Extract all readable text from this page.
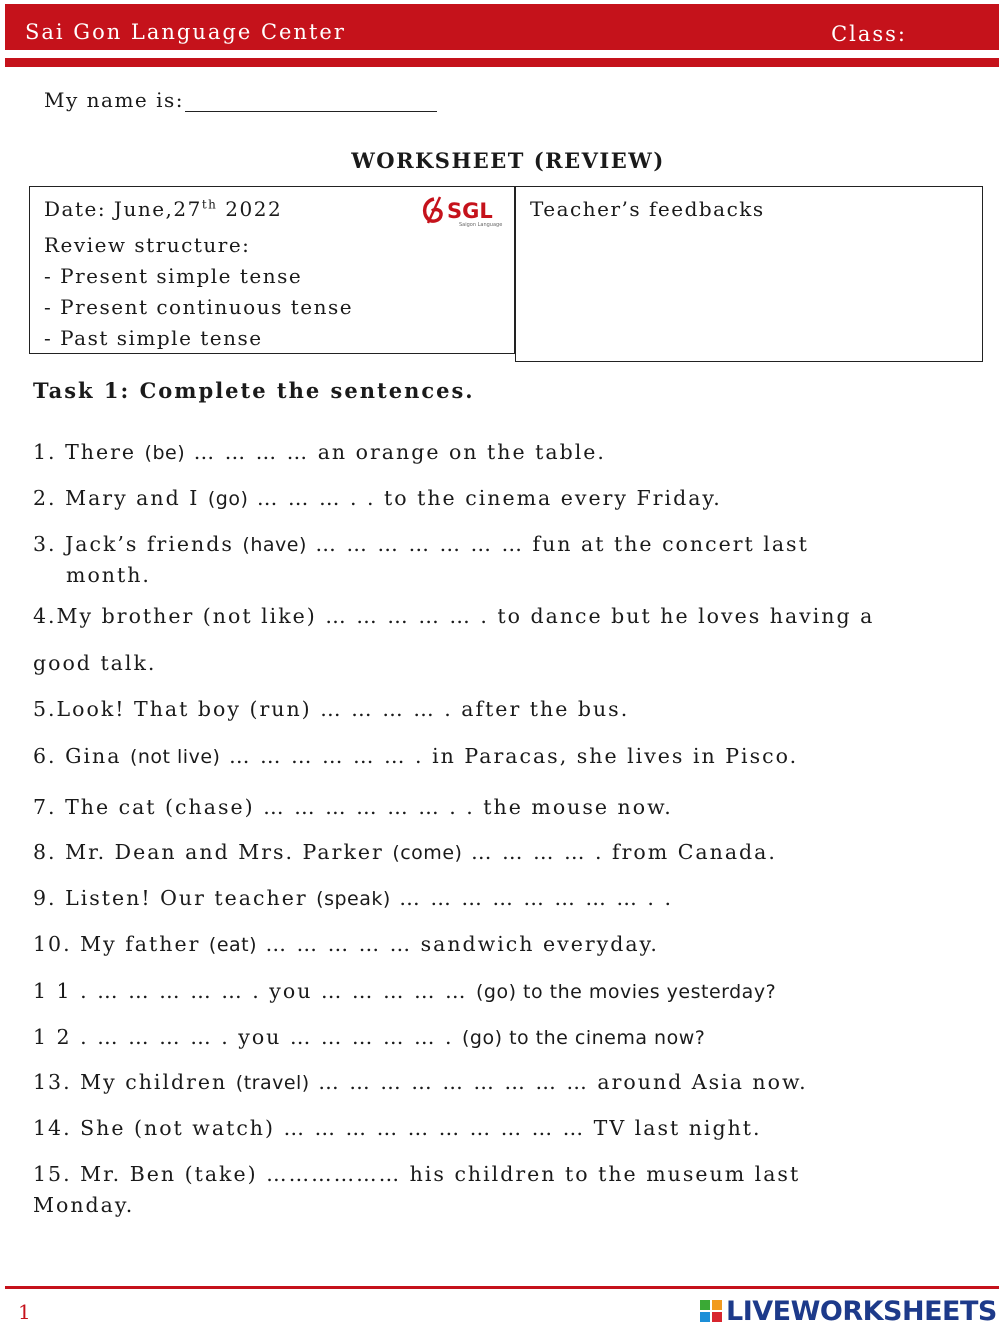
Sai Gon Language Center	Class:
My name is:
WORKSHEET (REVIEW)
Date: June,27th 2022	SGL
Saigon Language
Review structure:
- Present simple tense
- Present continuous tense
- Past simple tense
Teacher’s feedbacks
Task 1: Complete the sentences.
1. There (be) … … … … an orange on the table.
2. Mary and I (go) … … … . . to the cinema every Friday.
3. Jack’s friends (have) … … … … … … … fun at the concert last
month.
4.My brother (not like) … … … … … . to dance but he loves having a
good talk.
5.Look! That boy (run) … … … … . after the bus.
6. Gina (not live) … … … … … … . in Paracas, she lives in Pisco.
7. The cat (chase) … … … … … … . . the mouse now.
8. Mr. Dean and Mrs. Parker (come) … … … … . from Canada.
9. Listen! Our teacher (speak) … … … … … … … … . .
10. My father (eat) … … … … … sandwich everyday.
1 1 . … … … … … . you … … … … … (go) to the movies yesterday?
1 2 . … … … … . you … … … … … . (go) to the cinema now?
13. My children (travel) … … … … … … … … … around Asia now.
14. She (not watch) … … … … … … … … … … TV last night.
15. Mr. Ben (take) ……………… his children to the museum last
Monday.
1	LIVEWORKSHEETS
